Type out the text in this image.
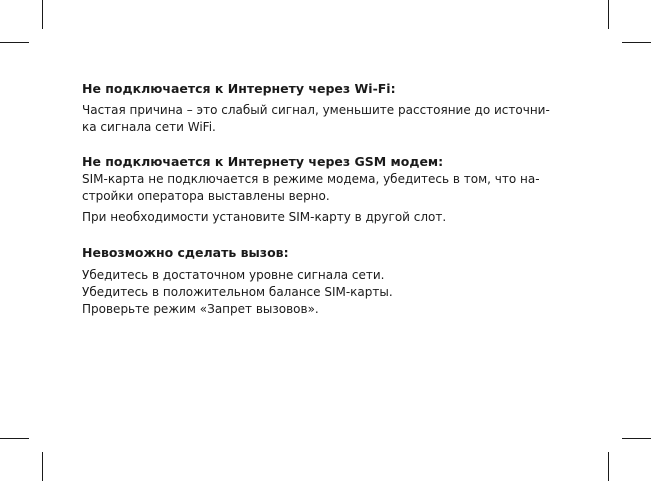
Не подключается к Интернету через Wi-Fi:

Частая причина – это слабый сигнал, уменьшите расстояние до источни-
ка сигнала сети WiFi.

Не подключается к Интернету через GSM модем:

SIM-карта не подключается в режиме модема, убедитесь в том, что на-
стройки оператора выставлены верно.

При необходимости установите SIM-карту в другой слот.

Невозможно сделать вызов:

Убедитесь в достаточном уровне сигнала сети.
Убедитесь в положительном балансе SIM-карты.
Проверьте режим «Запрет вызовов».
